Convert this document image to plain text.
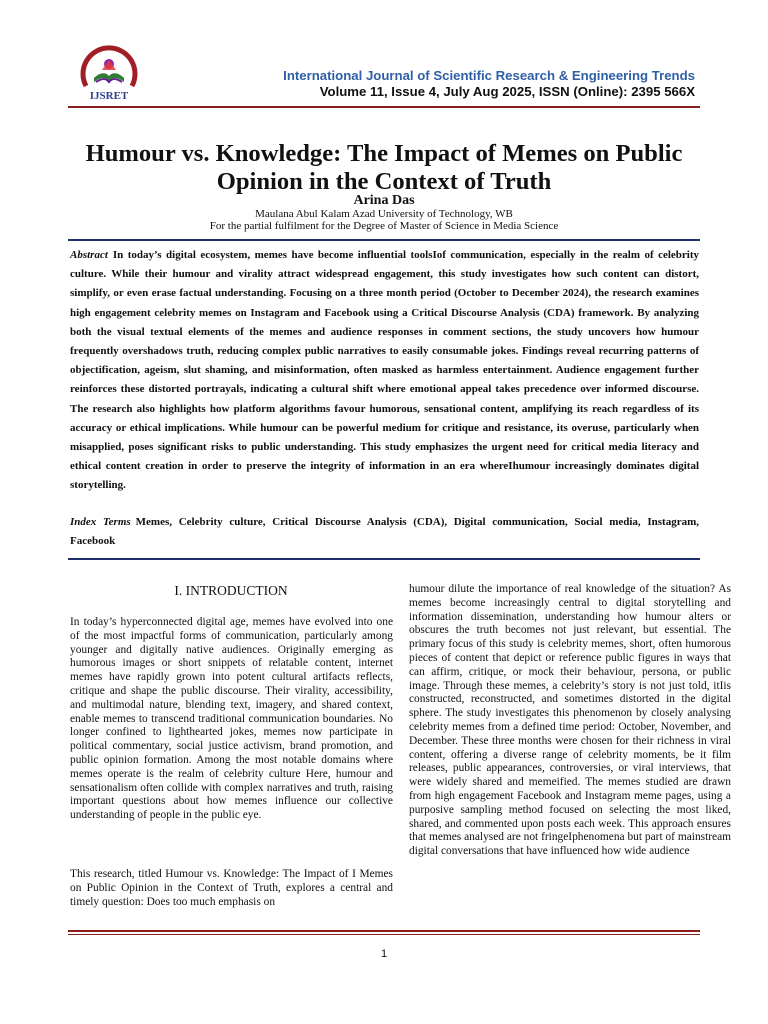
IJSRET
International Journal of Scientific Research & Engineering Trends
Volume 11, Issue 4, July Aug 2025, ISSN (Online): 2395 566X
Humour vs. Knowledge: The Impact of Memes on Public
Opinion in the Context of Truth
Arina Das
Maulana Abul Kalam Azad University of Technology, WB
For the partial fulfilment for the Degree of Master of Science in Media Science

Abstract In today’s digital ecosystem, memes have become influential toolsIof communication, especially in the realm of celebrity culture. While their humour and virality attract widespread engagement, this study investigates how such content can distort, simplify, or even erase factual understanding. Focusing on a three month period (October to December 2024), the research examines high engagement celebrity memes on Instagram and Facebook using a Critical Discourse Analysis (CDA) framework. By analyzing both the visual textual elements of the memes and audience responses in comment sections, the study uncovers how humour frequently overshadows truth, reducing complex public narratives to easily consumable jokes. Findings reveal recurring patterns of objectification, ageism, slut shaming, and misinformation, often masked as harmless entertainment. Audience engagement further reinforces these distorted portrayals, indicating a cultural shift where emotional appeal takes precedence over informed discourse. The research also highlights how platform algorithms favour humorous, sensational content, amplifying its reach regardless of its accuracy or ethical implications. While humour can be powerful medium for critique and resistance, its overuse, particularly when misapplied, poses significant risks to public understanding. This study emphasizes the urgent need for critical media literacy and ethical content creation in order to preserve the integrity of information in an era whereIhumour increasingly dominates digital storytelling.

Index Terms Memes, Celebrity culture, Critical Discourse Analysis (CDA), Digital communication, Social media, Instagram, Facebook

I. INTRODUCTION

In today’s hyperconnected digital age, memes have evolved into one of the most impactful forms of communication, particularly among younger and digitally native audiences. Originally emerging as humorous images or short snippets of relatable content, internet memes have rapidly grown into potent cultural artifacts reflects, critique and shape the public discourse. Their virality, accessibility, and multimodal nature, blending text, imagery, and shared context, enable memes to transcend traditional communication boundaries. No longer confined to lighthearted jokes, memes now participate in political commentary, social justice activism, brand promotion, and public opinion formation. Among the most notable domains where memes operate is the realm of celebrity culture Here, humour and sensationalism often collide with complex narratives and truth, raising important questions about how memes influence our collective understanding of people in the public eye.

This research, titled Humour vs. Knowledge: The Impact of I Memes on Public Opinion in the Context of Truth, explores a central and timely question: Does too much emphasis on

humour dilute the importance of real knowledge of the situation? As memes become increasingly central to digital storytelling and information dissemination, understanding how humour alters or obscures the truth becomes not just relevant, but essential. The primary focus of this study is celebrity memes, short, often humorous pieces of content that depict or reference public figures in ways that can affirm, critique, or mock their behaviour, persona, or public image. Through these memes, a celebrity’s story is not just told, itIis constructed, reconstructed, and sometimes distorted in the digital sphere. The study investigates this phenomenon by closely analysing celebrity memes from a defined time period: October, November, and December. These three months were chosen for their richness in viral content, offering a diverse range of celebrity moments, be it film releases, public appearances, controversies, or viral interviews, that were widely shared and memeified. The memes studied are drawn from high engagement Facebook and Instagram meme pages, using a purposive sampling method focused on selecting the most liked, shared, and commented upon posts each week. This approach ensures that memes analysed are not fringeIphenomena but part of mainstream digital conversations that have influenced how wide audience

1
